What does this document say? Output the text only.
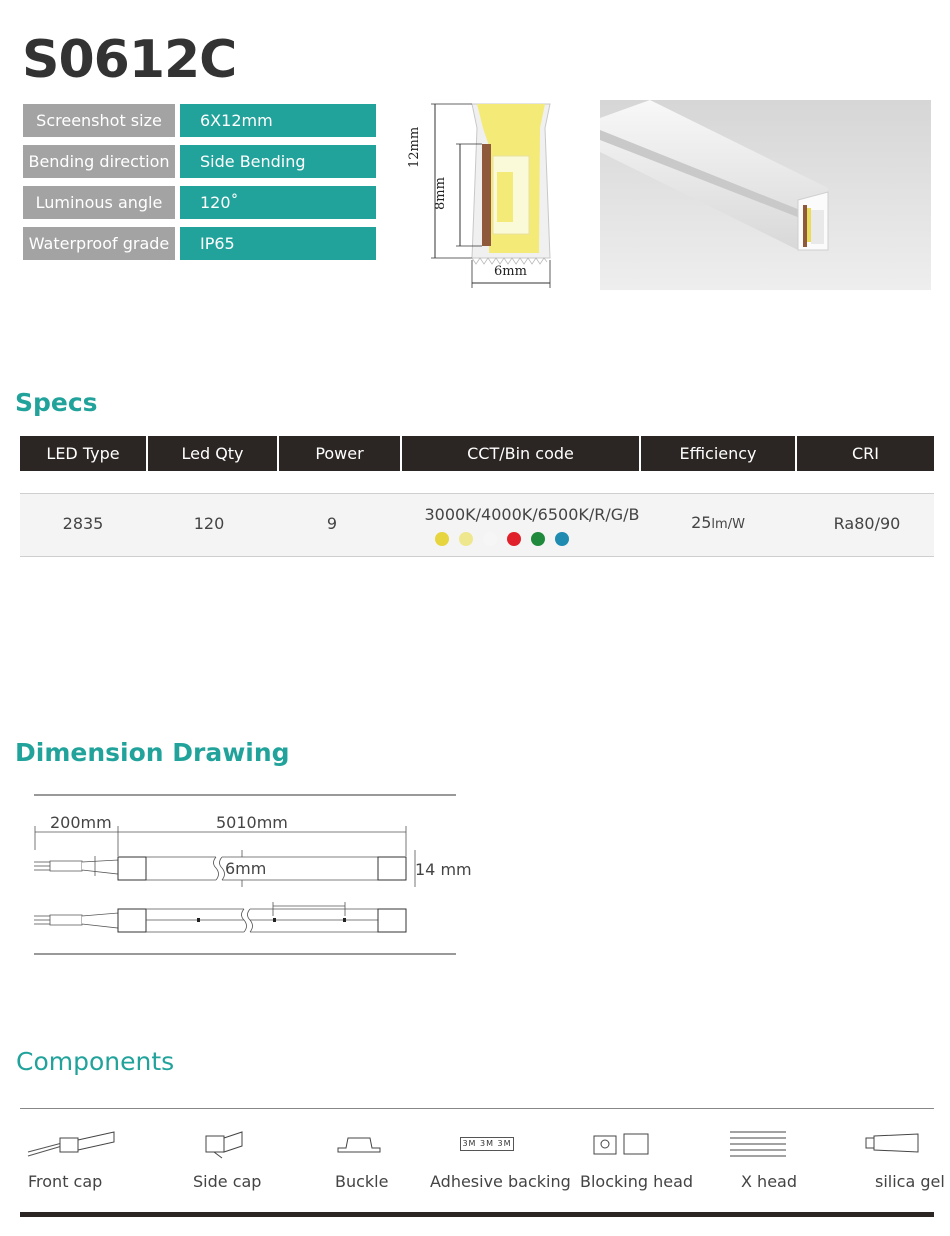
S0612C
Screenshot size	6X12mm
Bending direction	Side Bending
Luminous angle	120˚
Waterproof grade	IP65
12mm
8mm
6mm
Specs
LED Type	Led Qty	Power	CCT/Bin code	Efficiency	CRI
2835	120	9	3000K/4000K/6500K/R/G/B	25lm/W	Ra80/90
Dimension Drawing
200mm	5010mm
6mm	14 mm
Components
3M 3M 3M
Front cap	Side cap	Buckle	Adhesive backing Blocking head	X head	silica gel
